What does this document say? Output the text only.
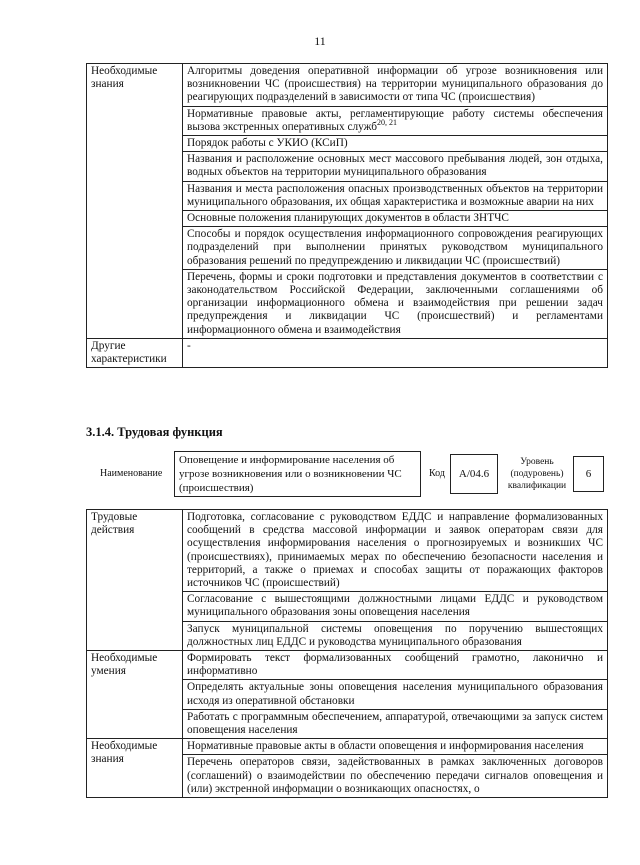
11
Необходимые знания	Алгоритмы доведения оперативной информации об угрозе возникновения или возникновении ЧС (происшествия) на территории муниципального образования до реагирующих подразделений в зависимости от типа ЧС (происшествия)
	Нормативные правовые акты, регламентирующие работу системы обеспечения вызова экстренных оперативных служб$^{20, 21}$
	Порядок работы с УКИО (КСиП)
	Названия и расположение основных мест массового пребывания людей, зон отдыха, водных объектов на территории муниципального образования
	Названия и места расположения опасных производственных объектов на территории муниципального образования, их общая характеристика и возможные аварии на них
	Основные положения планирующих документов в области ЗНТЧС
	Способы и порядок осуществления информационного сопровождения реагирующих подразделений при выполнении принятых руководством муниципального образования решений по предупреждению и ликвидации ЧС (происшествий)
	Перечень, формы и сроки подготовки и представления документов в соответствии с законодательством Российской Федерации, заключенными соглашениями об организации информационного обмена и взаимодействия при решении задач предупреждения и ликвидации ЧС (происшествий) и регламентами информационного обмена и взаимодействия
Другие характеристики	-
3.1.4. Трудовая функция
Наименование
Оповещение и информирование населения об угрозе возникновения или о возникновении ЧС (происшествия)
Код	А/04.6
Уровень (подуровень) квалификации
6
Трудовые действия	Подготовка, согласование с руководством ЕДДС и направление формализованных сообщений в средства массовой информации и заявок операторам связи для осуществления информирования населения о прогнозируемых и возникших ЧС (происшествиях), принимаемых мерах по обеспечению безопасности населения и территорий, а также о приемах и способах защиты от поражающих факторов источников ЧС (происшествий)
	Согласование с вышестоящими должностными лицами ЕДДС и руководством муниципального образования зоны оповещения населения
	Запуск муниципальной системы оповещения по поручению вышестоящих должностных лиц ЕДДС и руководства муниципального образования
Необходимые умения	Формировать текст формализованных сообщений грамотно, лаконично и информативно
	Определять актуальные зоны оповещения населения муниципального образования исходя из оперативной обстановки
	Работать с программным обеспечением, аппаратурой, отвечающими за запуск систем оповещения населения
Необходимые знания	Нормативные правовые акты в области оповещения и информирования населения
	Перечень операторов связи, задействованных в рамках заключенных договоров (соглашений) о взаимодействии по обеспечению передачи сигналов оповещения и (или) экстренной информации о возникающих опасностях, о
